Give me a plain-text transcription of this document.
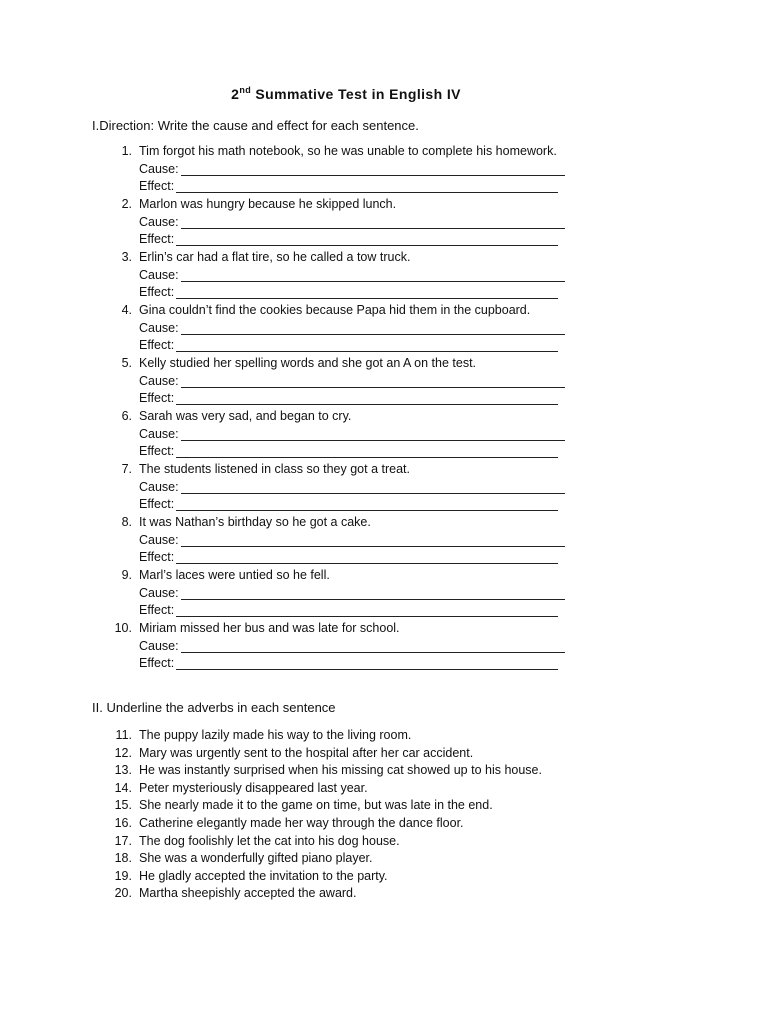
2nd Summative Test in English IV
I.Direction: Write the cause and effect for each sentence.
1. Tim forgot his math notebook, so he was unable to complete his homework.
Cause:
Effect:
2. Marlon was hungry because he skipped lunch.
Cause:
Effect:
3. Erlin’s car had a flat tire, so he called a tow truck.
Cause:
Effect:
4. Gina couldn’t find the cookies because Papa hid them in the cupboard.
Cause:
Effect:
5. Kelly studied her spelling words and she got an A on the test.
Cause:
Effect:
6. Sarah was very sad, and began to cry.
Cause:
Effect:
7. The students listened in class so they got a treat.
Cause:
Effect:
8. It was Nathan’s birthday so he got a cake.
Cause:
Effect:
9. Marl’s laces were untied so he fell.
Cause:
Effect:
10. Miriam missed her bus and was late for school.
Cause:
Effect:
II. Underline the adverbs in each sentence
11. The puppy lazily made his way to the living room.
12. Mary was urgently sent to the hospital after her car accident.
13. He was instantly surprised when his missing cat showed up to his house.
14. Peter mysteriously disappeared last year.
15. She nearly made it to the game on time, but was late in the end.
16. Catherine elegantly made her way through the dance floor.
17. The dog foolishly let the cat into his dog house.
18. She was a wonderfully gifted piano player.
19. He gladly accepted the invitation to the party.
20. Martha sheepishly accepted the award.
